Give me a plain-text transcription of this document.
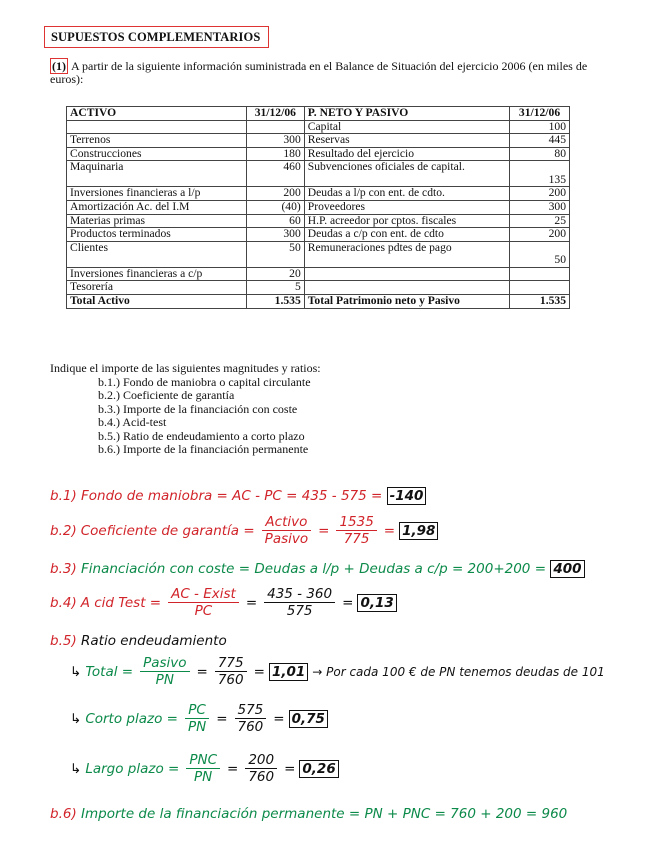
SUPUESTOS COMPLEMENTARIOS
(1) A partir de la siguiente información suministrada en el Balance de Situación del ejercicio 2006 (en miles de euros):
ACTIVO	31/12/06	P. NETO Y PASIVO	31/12/06
		Capital	100
Terrenos	300	Reservas	445
Construcciones	180	Resultado del ejercicio	80
Maquinaria	460	Subvenciones oficiales de capital.	135
Inversiones financieras a l/p	200	Deudas a l/p con ent. de cdto.	200
Amortización Ac. del I.M	(40)	Proveedores	300
Materias primas	60	H.P. acreedor por cptos. fiscales	25
Productos terminados	300	Deudas a c/p con ent. de cdto	200
Clientes	50	Remuneraciones pdtes de pago	50
Inversiones financieras a c/p	20		
Tesorería	5		
Total Activo	1.535	Total Patrimonio neto y Pasivo	1.535
Indique el importe de las siguientes magnitudes y ratios:
b.1.) Fondo de maniobra o capital circulante
b.2.) Coeficiente de garantía
b.3.) Importe de la financiación con coste
b.4.) Acid-test
b.5.) Ratio de endeudamiento a corto plazo
b.6.) Importe de la financiación permanente
b.1) Fondo de maniobra = AC - PC = 435 - 575 = -140
b.2) Coeficiente de garantía = $\frac{\text{Activo}}{\text{Pasivo}} = \frac{1535}{775} = 1,98$
b.3) Financiación con coste = Deudas a l/p + Deudas a c/p = 200+200 = 400
b.4) A cid Test = $\frac{\text{AC - Exist}}{PC} = \frac{435 - 360}{575} = 0,13$
b.5) Ratio endeudamiento
↳ Total = $\frac{\text{Pasivo}}{PN} = \frac{775}{760} = 1,01$ → Por cada 100 € de PN tenemos deudas de 101
↳ Corto plazo = $\frac{PC}{PN} = \frac{575}{760} = 0,75$
↳ Largo plazo = $\frac{\text{PNC}}{PN} = \frac{200}{760} = 0,26$
b.6) Importe de la financiación permanente = PN + PNC = 760 + 200 = 960
